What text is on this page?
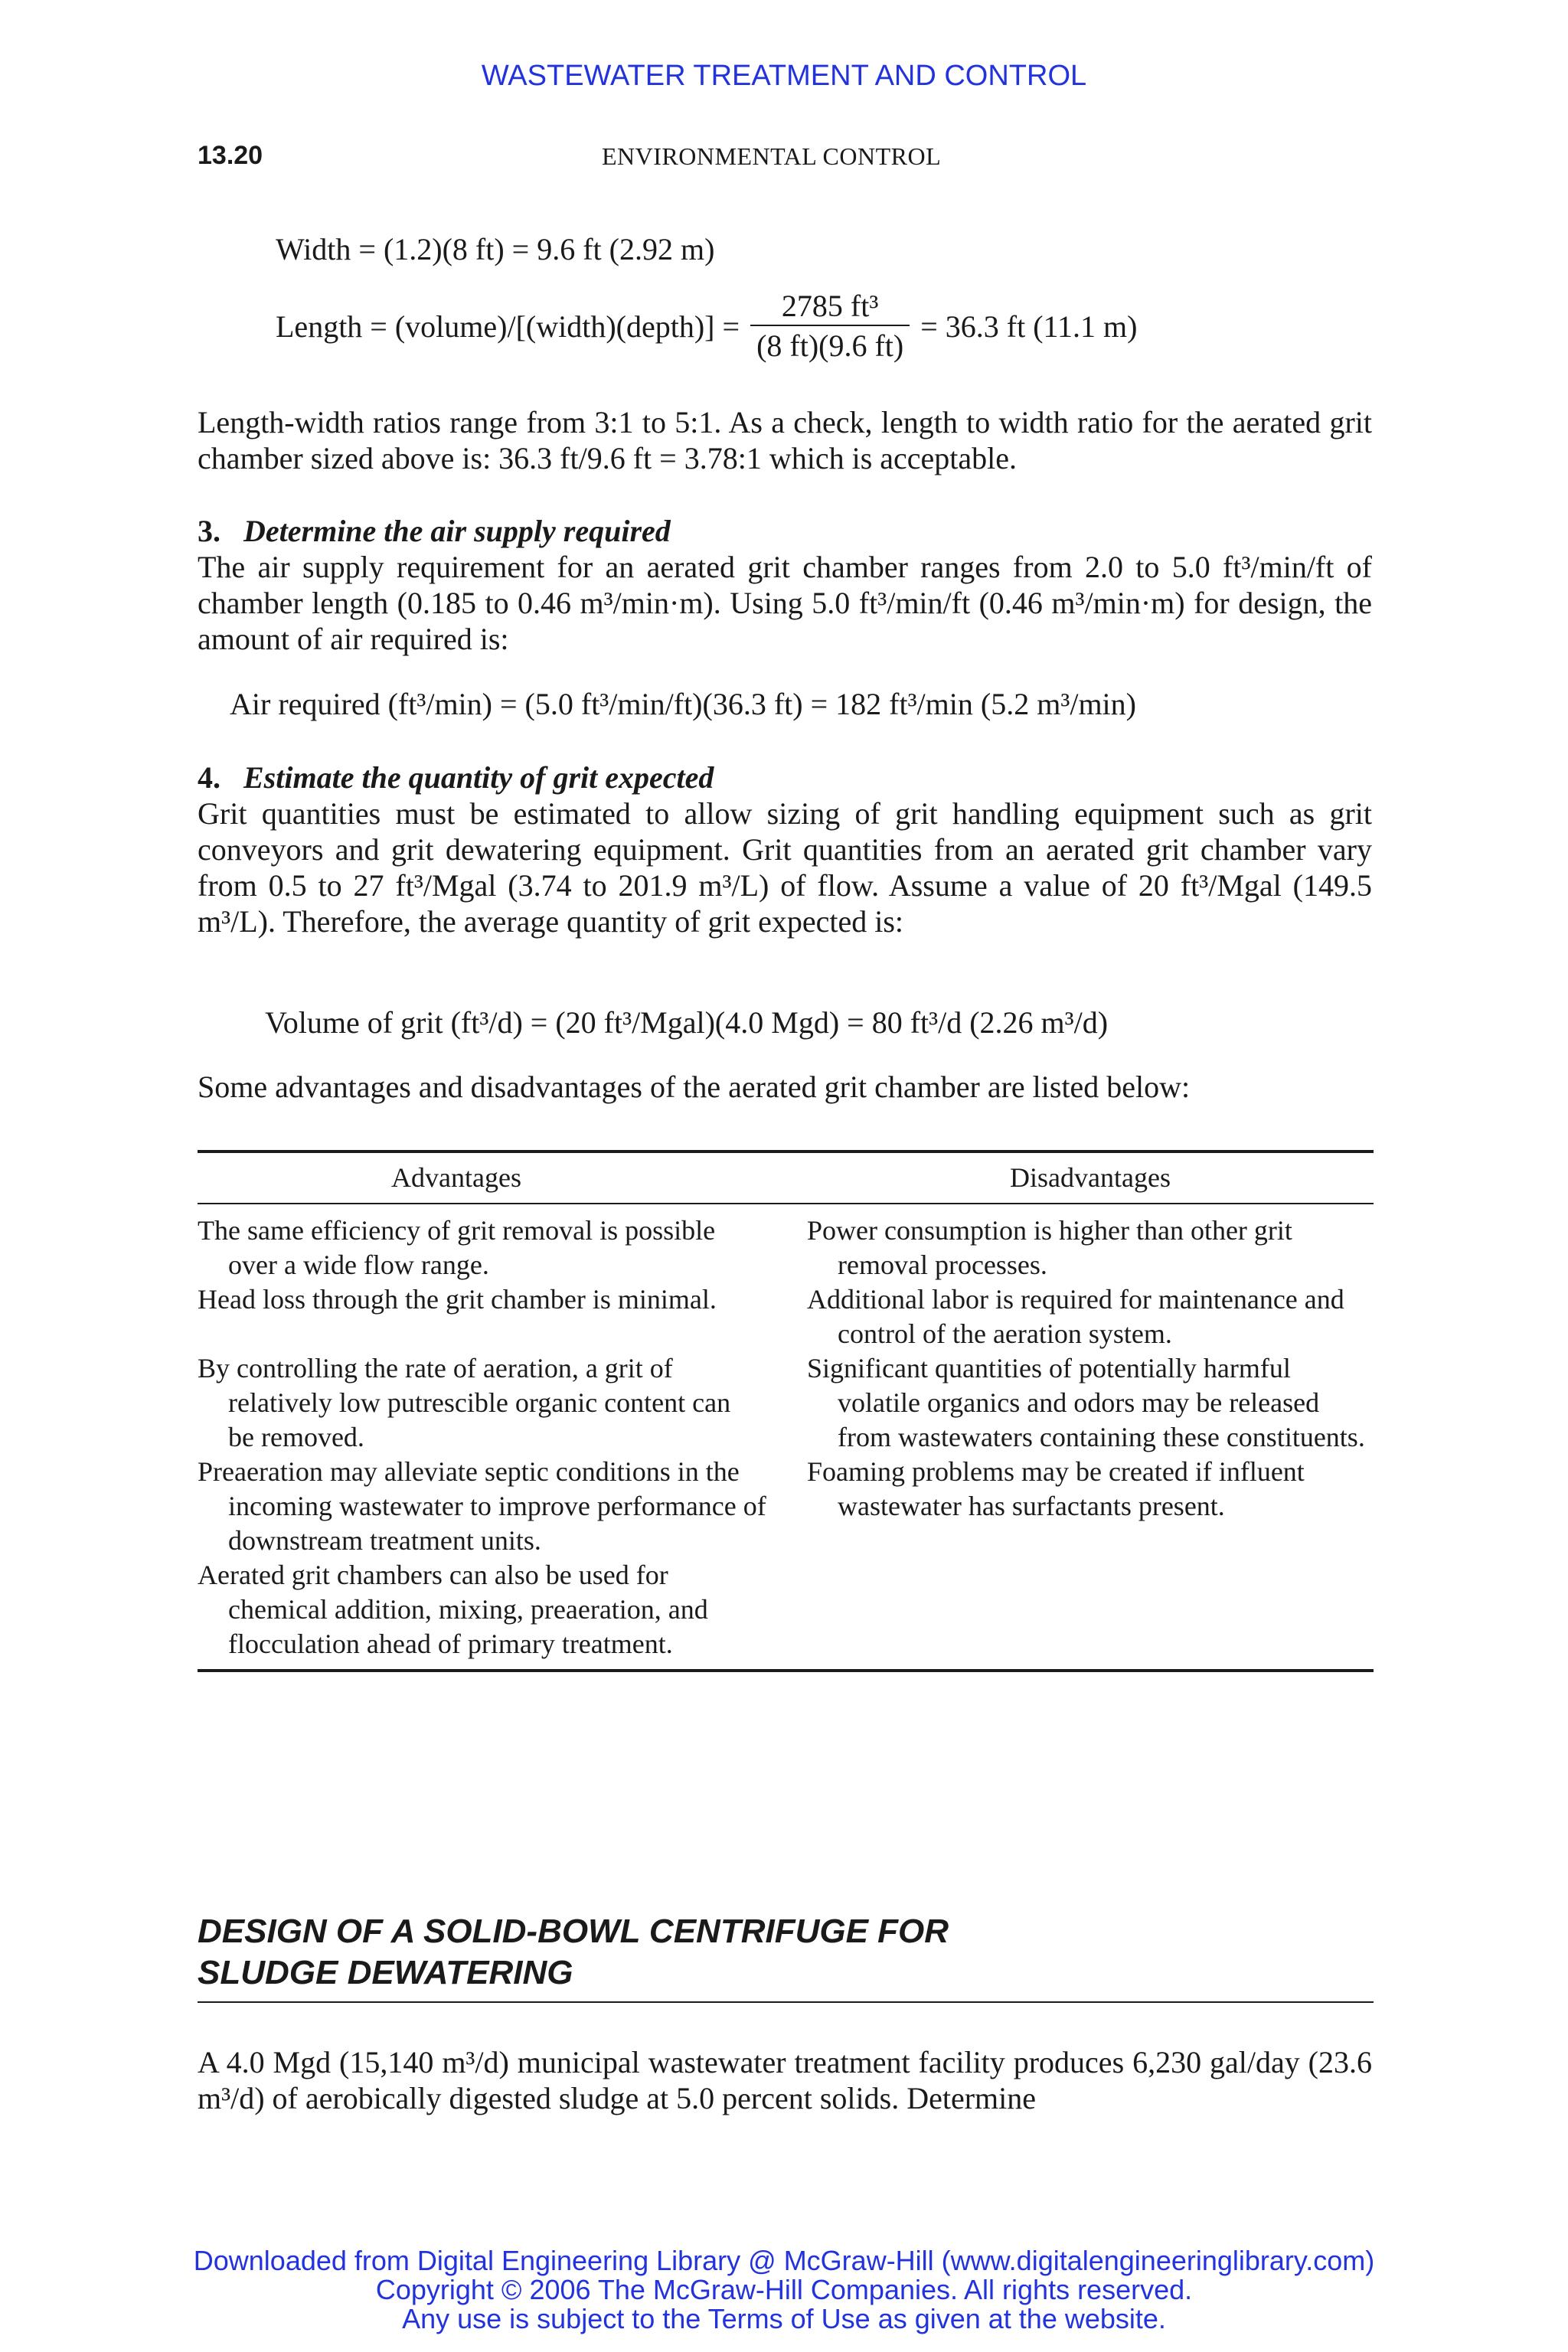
WASTEWATER TREATMENT AND CONTROL
13.20	ENVIRONMENTAL CONTROL
Width = (1.2)(8 ft) = 9.6 ft (2.92 m)
Length = (volume)/[(width)(depth)] = $\frac{\text{2785 ft³}}{(8 ft)(9.6 ft)} = 36.3$ ft (11.1 m)
Length-width ratios range from 3:1 to 5:1. As a check, length to width ratio for the aerated grit chamber sized above is: 36.3 ft/9.6 ft = 3.78:1 which is acceptable.
3. Determine the air supply required
The air supply requirement for an aerated grit chamber ranges from 2.0 to 5.0 ft³/min/ft of chamber length (0.185 to 0.46 m³/min·m). Using 5.0 ft³/min/ft (0.46 m³/min·m) for design, the amount of air required is:
Air required (ft³/min) = (5.0 ft³/min/ft)(36.3 ft) = 182 ft³/min (5.2 m³/min)
4. Estimate the quantity of grit expected
Grit quantities must be estimated to allow sizing of grit handling equipment such as grit conveyors and grit dewatering equipment. Grit quantities from an aerated grit chamber vary from 0.5 to 27 ft³/Mgal (3.74 to 201.9 m³/L) of flow. Assume a value of 20 ft³/Mgal (149.5 m³/L). Therefore, the average quantity of grit expected is:
Volume of grit (ft³/d) = (20 ft³/Mgal)(4.0 Mgd) = 80 ft³/d (2.26 m³/d)
Some advantages and disadvantages of the aerated grit chamber are listed below:
Advantages	Disadvantages

The same efficiency of grit removal is possible over a wide flow range.	Power consumption is higher than other grit removal processes.

Head loss through the grit chamber is minimal.	Additional labor is required for maintenance and control of the aeration system.

By controlling the rate of aeration, a grit of relatively low putrescible organic content can be removed.	Significant quantities of potentially harmful volatile organics and odors may be released from wastewaters containing these constituents.

Preaeration may alleviate septic conditions in the incoming wastewater to improve performance of downstream treatment units.	Foaming problems may be created if influent wastewater has surfactants present.

Aerated grit chambers can also be used for chemical addition, mixing, preaeration, and flocculation ahead of primary treatment.	

DESIGN OF A SOLID-BOWL CENTRIFUGE FOR
SLUDGE DEWATERING
A 4.0 Mgd (15,140 m³/d) municipal wastewater treatment facility produces 6,230 gal/day (23.6 m³/d) of aerobically digested sludge at 5.0 percent solids. Determine
Downloaded from Digital Engineering Library @ McGraw-Hill (www.digitalengineeringlibrary.com)
Copyright © 2006 The McGraw-Hill Companies. All rights reserved.
Any use is subject to the Terms of Use as given at the website.
